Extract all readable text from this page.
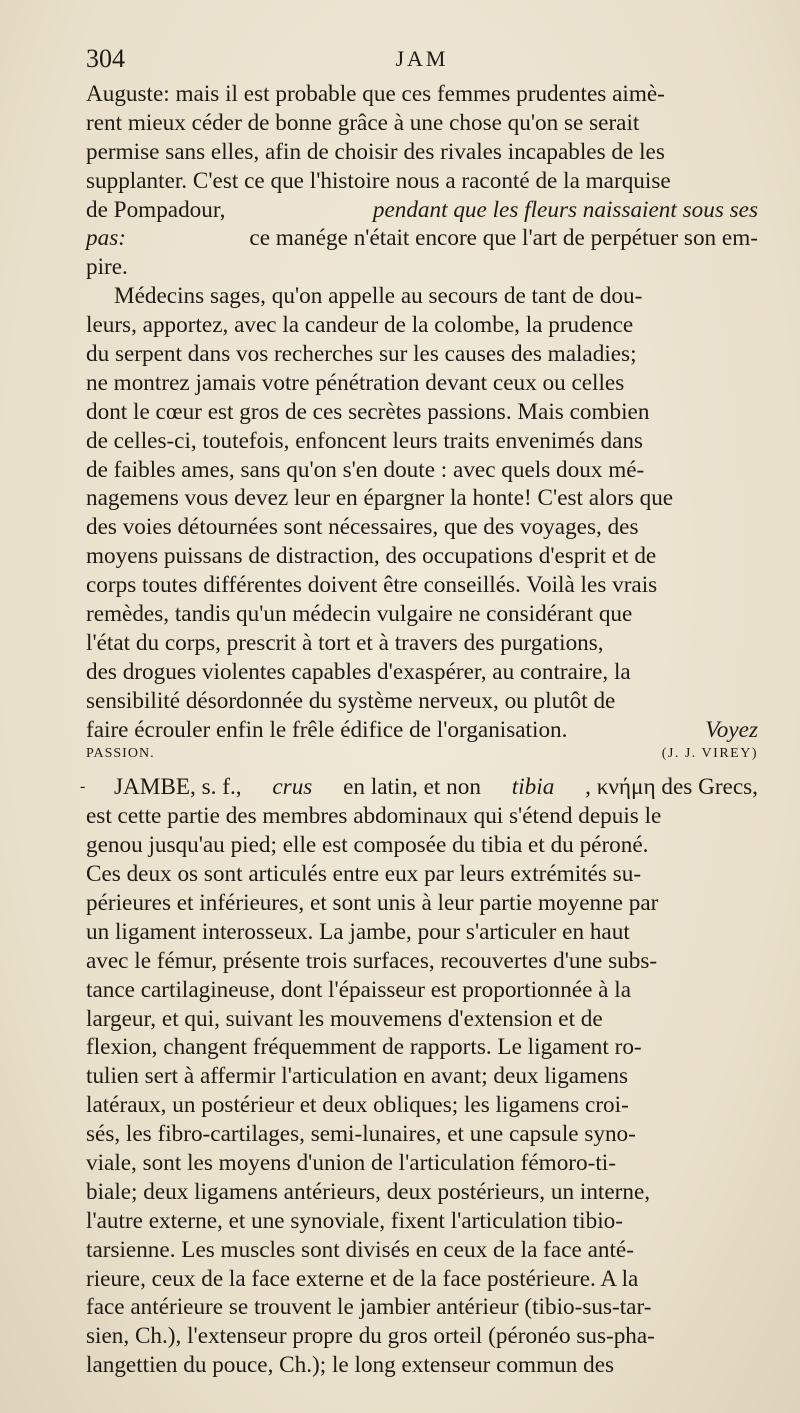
304	JAM
Auguste: mais il est probable que ces femmes prudentes aimè-
rent mieux céder de bonne grâce à une chose qu'on se serait
permise sans elles, afin de choisir des rivales incapables de les
supplanter. C'est ce que l'histoire nous a raconté de la marquise
de Pompadour,	pendant que les fleurs naissaient sous ses
pas:	ce manége n'était encore que l'art de perpétuer son em-
pire.
Médecins sages, qu'on appelle au secours de tant de dou-
leurs, apportez, avec la candeur de la colombe, la prudence
du serpent dans vos recherches sur les causes des maladies;
ne montrez jamais votre pénétration devant ceux ou celles
dont le cœur est gros de ces secrètes passions. Mais combien
de celles-ci, toutefois, enfoncent leurs traits envenimés dans
de faibles ames, sans qu'on s'en doute : avec quels doux mé-
nagemens vous devez leur en épargner la honte! C'est alors que
des voies détournées sont nécessaires, que des voyages, des
moyens puissans de distraction, des occupations d'esprit et de
corps toutes différentes doivent être conseillés. Voilà les vrais
remèdes, tandis qu'un médecin vulgaire ne considérant que
l'état du corps, prescrit à tort et à travers des purgations,
des drogues violentes capables d'exaspérer, au contraire, la
sensibilité désordonnée du système nerveux, ou plutôt de
faire écrouler enfin le frêle édifice de l'organisation.	Voyez
PASSION.	(J. J. VIREY)
- JAMBE, s. f., crus en latin, et non tibia , κνήμη des Grecs,
est cette partie des membres abdominaux qui s'étend depuis le
genou jusqu'au pied; elle est composée du tibia et du péroné.
Ces deux os sont articulés entre eux par leurs extrémités su-
périeures et inférieures, et sont unis à leur partie moyenne par
un ligament interosseux. La jambe, pour s'articuler en haut
avec le fémur, présente trois surfaces, recouvertes d'une subs-
tance cartilagineuse, dont l'épaisseur est proportionnée à la
largeur, et qui, suivant les mouvemens d'extension et de
flexion, changent fréquemment de rapports. Le ligament ro-
tulien sert à affermir l'articulation en avant; deux ligamens
latéraux, un postérieur et deux obliques; les ligamens croi-
sés, les fibro-cartilages, semi-lunaires, et une capsule syno-
viale, sont les moyens d'union de l'articulation fémoro-ti-
biale; deux ligamens antérieurs, deux postérieurs, un interne,
l'autre externe, et une synoviale, fixent l'articulation tibio-
tarsienne. Les muscles sont divisés en ceux de la face anté-
rieure, ceux de la face externe et de la face postérieure. A la
face antérieure se trouvent le jambier antérieur (tibio-sus-tar-
sien, Ch.), l'extenseur propre du gros orteil (péronéo sus-pha-
langettien du pouce, Ch.); le long extenseur commun des
